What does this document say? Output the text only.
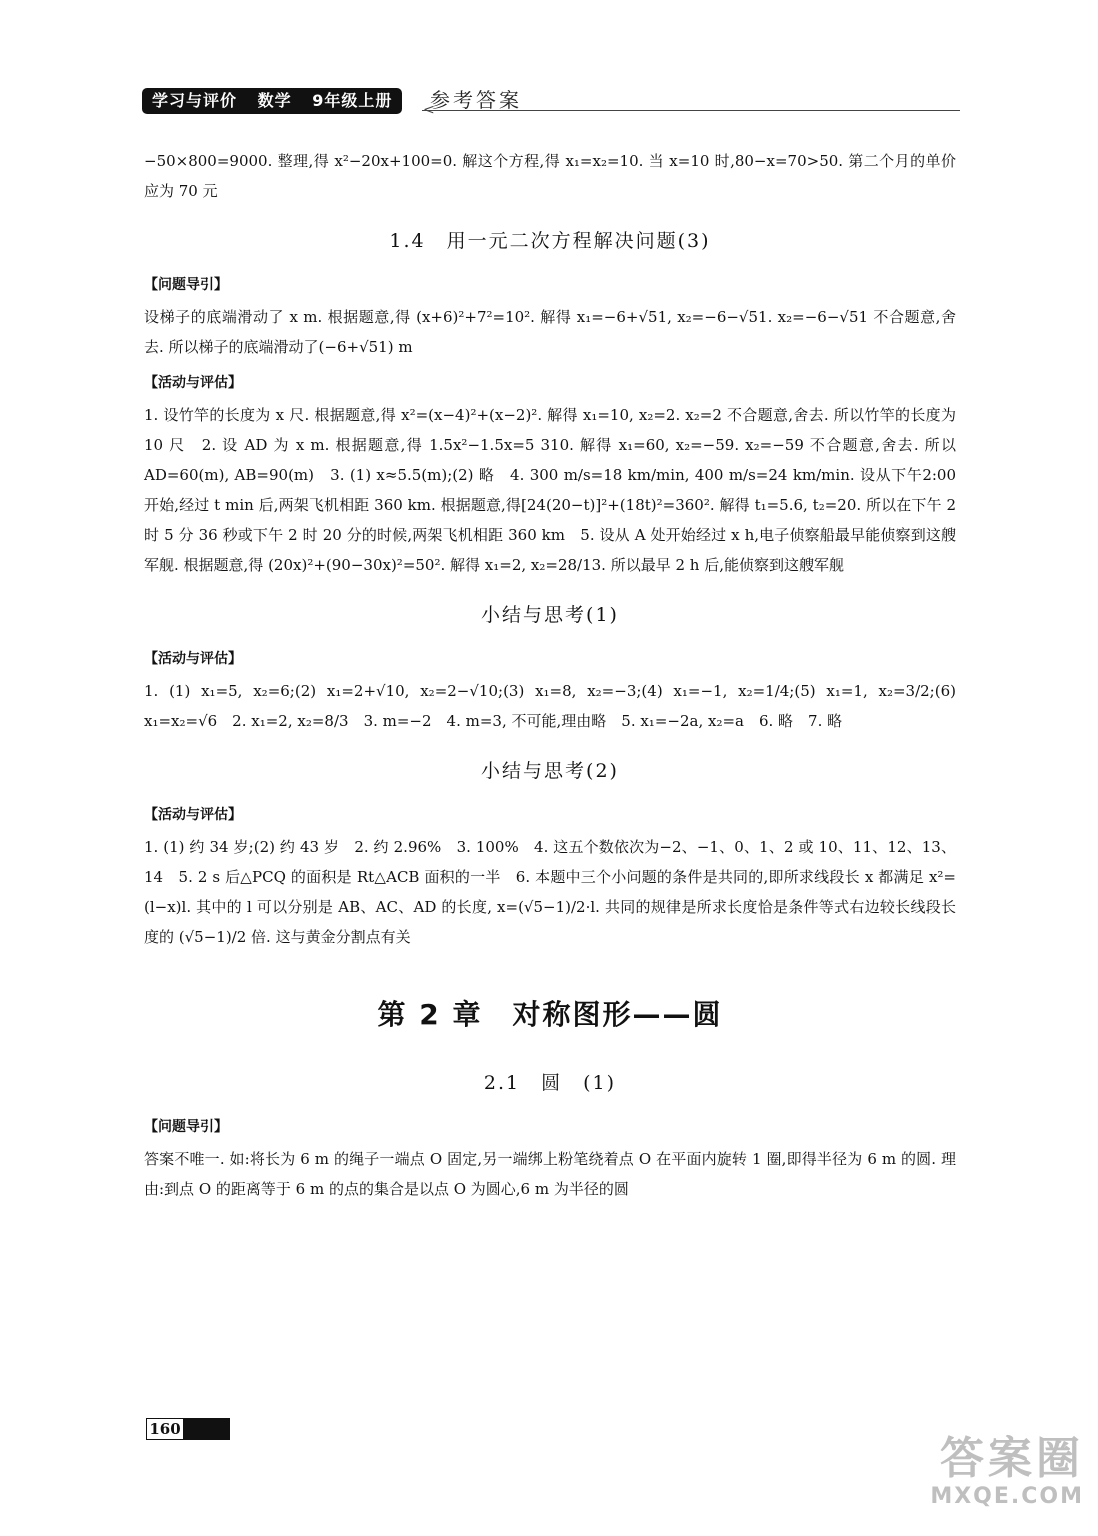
学习与评价 数学 9年级上册	<
参考答案

−50×800=9000. 整理,得 x²−20x+100=0. 解这个方程,得 x₁=x₂=10. 当 x=10 时,80−x=70>50. 第二个月的单价应为 70 元

1.4　用一元二次方程解决问题(3)
【问题导引】

设梯子的底端滑动了 x m. 根据题意,得 (x+6)²+7²=10². 解得 x₁=−6+√51, x₂=−6−√51. x₂=−6−√51 不合题意,舍去. 所以梯子的底端滑动了(−6+√51) m

【活动与评估】

1. 设竹竿的长度为 x 尺. 根据题意,得 x²=(x−4)²+(x−2)². 解得 x₁=10, x₂=2. x₂=2 不合题意,舍去. 所以竹竿的长度为 10 尺　2. 设 AD 为 x m. 根据题意,得 1.5x²−1.5x=5 310. 解得 x₁=60, x₂=−59. x₂=−59 不合题意,舍去. 所以 AD=60(m), AB=90(m)　3. (1) x≈5.5(m);(2) 略　4. 300 m/s=18 km/min, 400 m/s=24 km/min. 设从下午2:00 开始,经过 t min 后,两架飞机相距 360 km. 根据题意,得[24(20−t)]²+(18t)²=360². 解得 t₁=5.6, t₂=20. 所以在下午 2 时 5 分 36 秒或下午 2 时 20 分的时候,两架飞机相距 360 km　5. 设从 A 处开始经过 x h,电子侦察船最早能侦察到这艘军舰. 根据题意,得 (20x)²+(90−30x)²=50². 解得 x₁=2, x₂=28/13. 所以最早 2 h 后,能侦察到这艘军舰

小结与思考(1)
【活动与评估】

1. (1) x₁=5, x₂=6;(2) x₁=2+√10, x₂=2−√10;(3) x₁=8, x₂=−3;(4) x₁=−1, x₂=1/4;(5) x₁=1, x₂=3/2;(6) x₁=x₂=√6　2. x₁=2, x₂=8/3　3. m=−2　4. m=3, 不可能,理由略　5. x₁=−2a, x₂=a　6. 略　7. 略

小结与思考(2)
【活动与评估】

1. (1) 约 34 岁;(2) 约 43 岁　2. 约 2.96%　3. 100%　4. 这五个数依次为−2、−1、0、1、2 或 10、11、12、13、14　5. 2 s 后△PCQ 的面积是 Rt△ACB 面积的一半　6. 本题中三个小问题的条件是共同的,即所求线段长 x 都满足 x²=(l−x)l. 其中的 l 可以分别是 AB、AC、AD 的长度, x=(√5−1)/2·l. 共同的规律是所求长度恰是条件等式右边较长线段长度的 (√5−1)/2 倍. 这与黄金分割点有关

第 2 章　对称图形——圆
2.1　圆　(1)
【问题导引】

答案不唯一. 如:将长为 6 m 的绳子一端点 O 固定,另一端绑上粉笔绕着点 O 在平面内旋转 1 圈,即得半径为 6 m 的圆. 理由:到点 O 的距离等于 6 m 的点的集合是以点 O 为圆心,6 m 为半径的圆

160
答案圈
MXQE.COM
